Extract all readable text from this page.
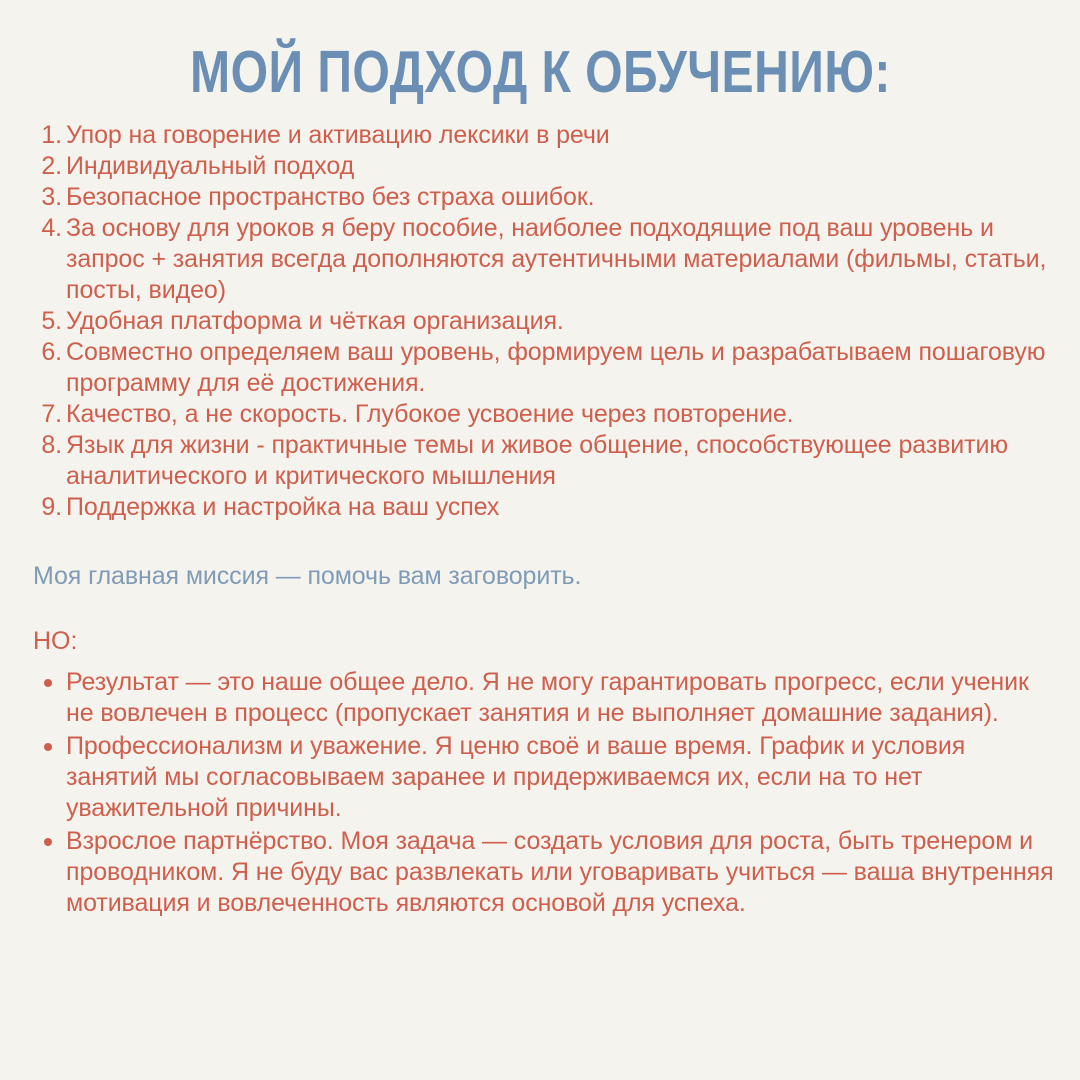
МОЙ ПОДХОД К ОБУЧЕНИЮ:
Упор на говорение и активацию лексики в речи
Индивидуальный подход
Безопасное пространство без страха ошибок.
За основу для уроков я беру пособие, наиболее подходящие под ваш уровень и запрос + занятия всегда дополняются аутентичными материалами (фильмы, статьи, посты, видео)
Удобная платформа и чёткая организация.
Совместно определяем ваш уровень, формируем цель и разрабатываем пошаговую программу для её достижения.
Качество, а не скорость. Глубокое усвоение через повторение.
Язык для жизни - практичные темы и живое общение, способствующее развитию аналитического и критического мышления
Поддержка и настройка на ваш успех
Моя главная миссия — помочь вам заговорить.
НО:
Результат — это наше общее дело. Я не могу гарантировать прогресс, если ученик не вовлечен в процесс (пропускает занятия и не выполняет домашние задания).
Профессионализм и уважение. Я ценю своё и ваше время. График и условия занятий мы согласовываем заранее и придерживаемся их, если на то нет уважительной причины.
Взрослое партнёрство. Моя задача — создать условия для роста, быть тренером и проводником. Я не буду вас развлекать или уговаривать учиться — ваша внутренняя мотивация и вовлеченность являются основой для успеха.
